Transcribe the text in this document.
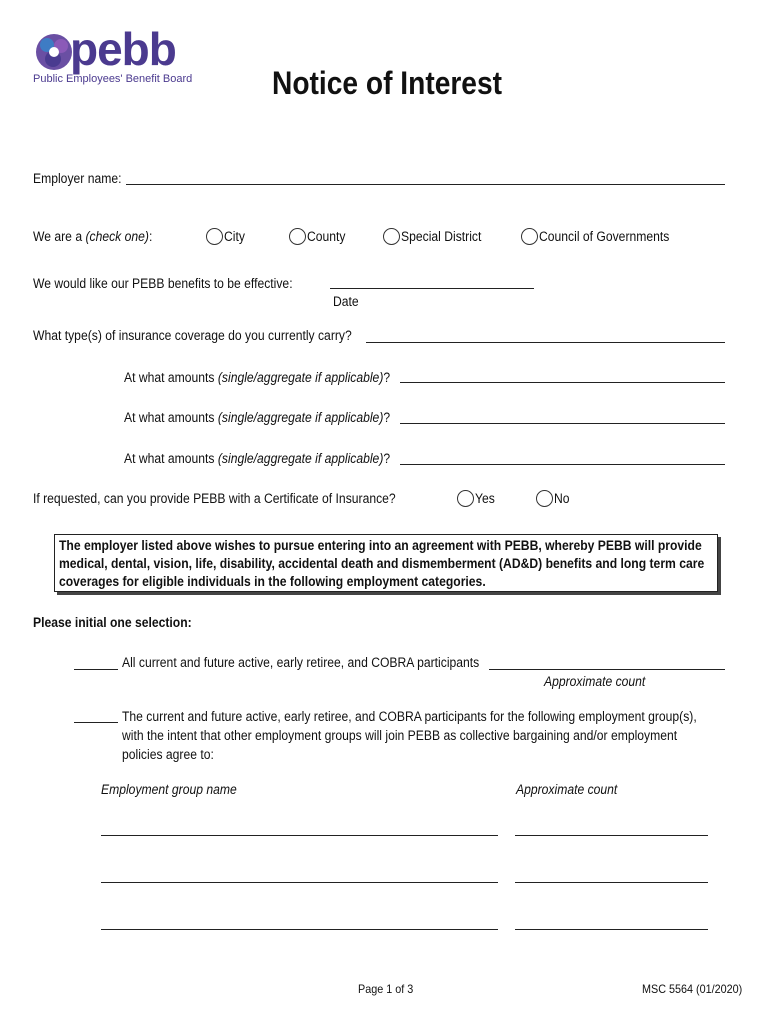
pebb
Public Employees' Benefit Board Notice of Interest
Employer name:
We are a (check one):	City	County	Special District	Council of Governments
We would like our PEBB benefits to be effective:
Date
What type(s) of insurance coverage do you currently carry?
At what amounts (single/aggregate if applicable)?
At what amounts (single/aggregate if applicable)?
At what amounts (single/aggregate if applicable)?
If requested, can you provide PEBB with a Certificate of Insurance?	Yes	No
The employer listed above wishes to pursue entering into an agreement with PEBB, whereby PEBB will provide medical, dental, vision, life, disability, accidental death and dismemberment (AD&D) benefits and long term care coverages for eligible individuals in the following employment categories.
Please initial one selection:
All current and future active, early retiree, and COBRA participants
Approximate count
The current and future active, early retiree, and COBRA participants for the following employment group(s),
with the intent that other employment groups will join PEBB as collective bargaining and/or employment
policies agree to:
Employment group name	Approximate count
Page 1 of 3	MSC 5564 (01/2020)
